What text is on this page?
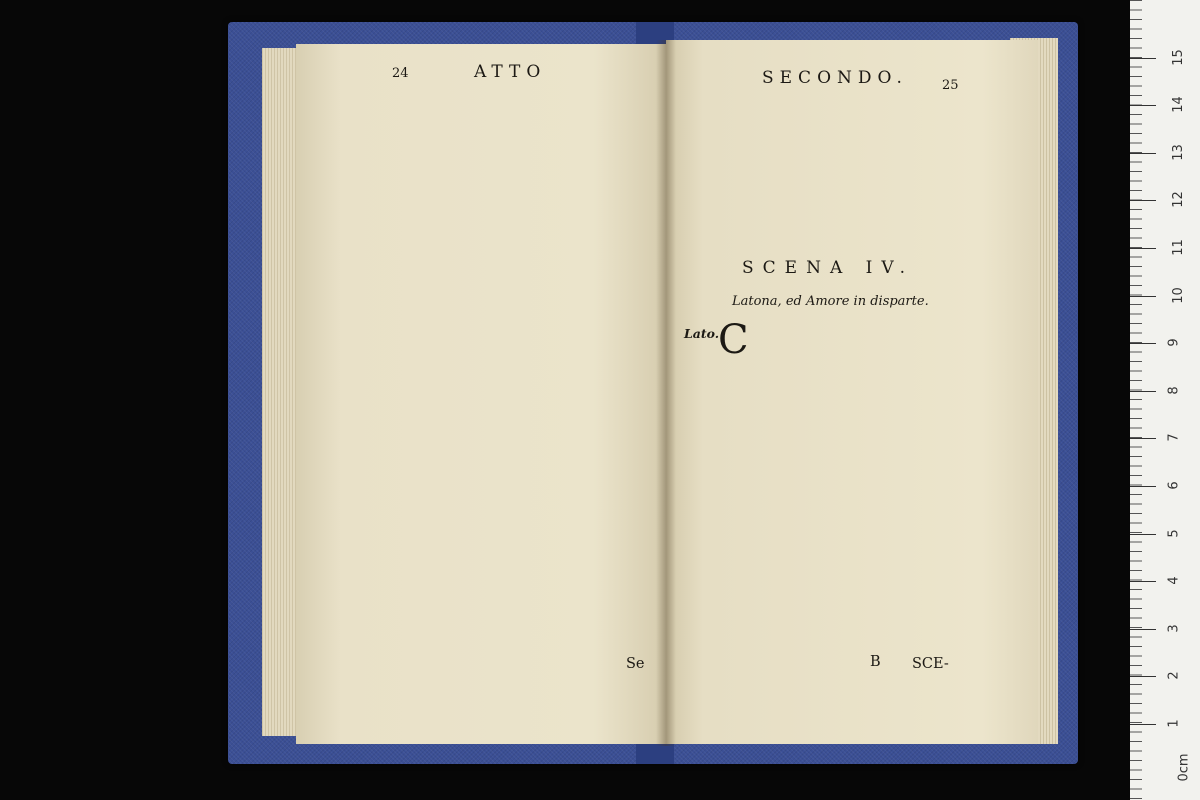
24	ATTO
Se
SECONDO.	25
SCENA IV.
Latona, ed Amore in disparte.
Lato.
C
B SCE-
0cm
1
2
3
4
5
6
7
8
9
10
11
12
13
14
15
